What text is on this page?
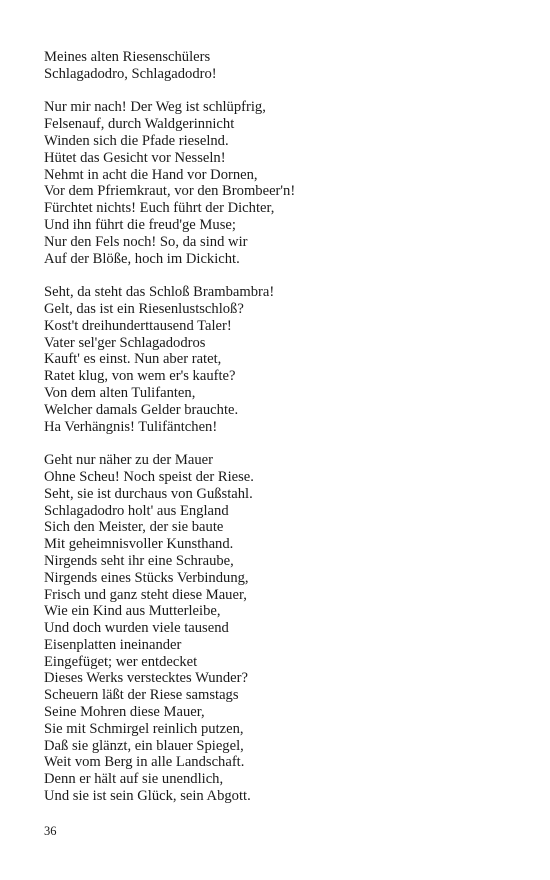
Meines alten Riesenschülers
Schlagadodro, Schlagadodro!
Nur mir nach! Der Weg ist schlüpfrig,
Felsenauf, durch Waldgerinnicht
Winden sich die Pfade rieselnd.
Hütet das Gesicht vor Nesseln!
Nehmt in acht die Hand vor Dornen,
Vor dem Pfriemkraut, vor den Brombeer'n!
Fürchtet nichts! Euch führt der Dichter,
Und ihn führt die freud'ge Muse;
Nur den Fels noch! So, da sind wir
Auf der Blöße, hoch im Dickicht.
Seht, da steht das Schloß Brambambra!
Gelt, das ist ein Riesenlustschloß?
Kost't dreihunderttausend Taler!
Vater sel'ger Schlagadodros
Kauft' es einst. Nun aber ratet,
Ratet klug, von wem er's kaufte?
Von dem alten Tulifanten,
Welcher damals Gelder brauchte.
Ha Verhängnis! Tulifäntchen!
Geht nur näher zu der Mauer
Ohne Scheu! Noch speist der Riese.
Seht, sie ist durchaus von Gußstahl.
Schlagadodro holt' aus England
Sich den Meister, der sie baute
Mit geheimnisvoller Kunsthand.
Nirgends seht ihr eine Schraube,
Nirgends eines Stücks Verbindung,
Frisch und ganz steht diese Mauer,
Wie ein Kind aus Mutterleibe,
Und doch wurden viele tausend
Eisenplatten ineinander
Eingefüget; wer entdecket
Dieses Werks verstecktes Wunder?
Scheuern läßt der Riese samstags
Seine Mohren diese Mauer,
Sie mit Schmirgel reinlich putzen,
Daß sie glänzt, ein blauer Spiegel,
Weit vom Berg in alle Landschaft.
Denn er hält auf sie unendlich,
Und sie ist sein Glück, sein Abgott.
36
